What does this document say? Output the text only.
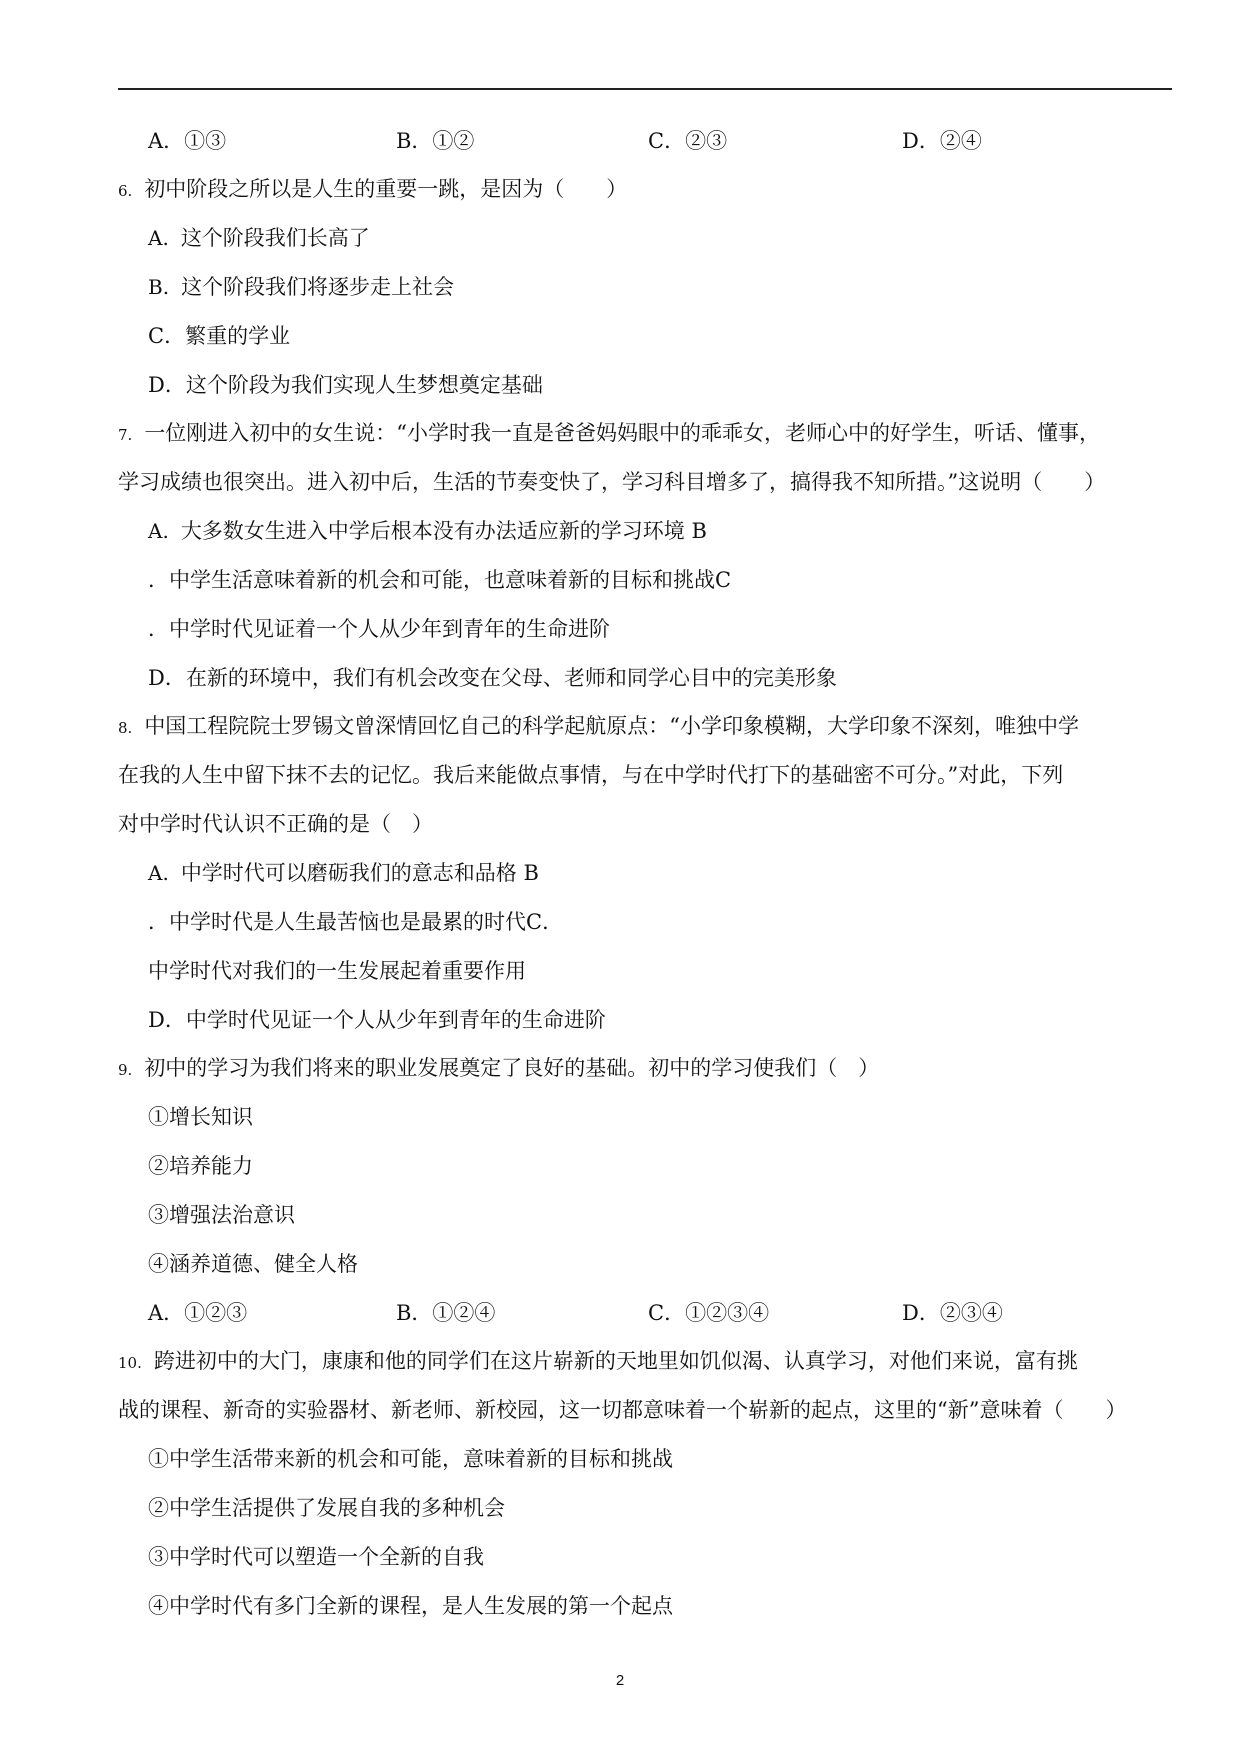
A．①③	B．①②	C．②③	D．②④
6. 初中阶段之所以是人生的重要一跳，是因为（　　）
A. 这个阶段我们长高了
B. 这个阶段我们将逐步走上社会
C．繁重的学业
D．这个阶段为我们实现人生梦想奠定基础
7. 一位刚进入初中的女生说：“小学时我一直是爸爸妈妈眼中的乖乖女，老师心中的好学生，听话、懂事，
学习成绩也很突出。进入初中后，生活的节奏变快了，学习科目增多了，搞得我不知所措。”这说明（　　）
A. 大多数女生进入中学后根本没有办法适应新的学习环境 B
．中学生活意味着新的机会和可能，也意味着新的目标和挑战C
．中学时代见证着一个人从少年到青年的生命进阶
D．在新的环境中，我们有机会改变在父母、老师和同学心目中的完美形象
8. 中国工程院院士罗锡文曾深情回忆自己的科学起航原点：“小学印象模糊，大学印象不深刻，唯独中学
在我的人生中留下抹不去的记忆。我后来能做点事情，与在中学时代打下的基础密不可分。”对此，下列
对中学时代认识不正确的是（　）
A. 中学时代可以磨砺我们的意志和品格 B
．中学时代是人生最苦恼也是最累的时代C．
中学时代对我们的一生发展起着重要作用
D．中学时代见证一个人从少年到青年的生命进阶
9. 初中的学习为我们将来的职业发展奠定了良好的基础。初中的学习使我们（　）
①增长知识
②培养能力
③增强法治意识
④涵养道德、健全人格
A．①②③	B．①②④	C．①②③④	D．②③④
10. 跨进初中的大门，康康和他的同学们在这片崭新的天地里如饥似渴、认真学习，对他们来说，富有挑
战的课程、新奇的实验器材、新老师、新校园，这一切都意味着一个崭新的起点，这里的“新”意味着（　　）
①中学生活带来新的机会和可能，意味着新的目标和挑战
②中学生活提供了发展自我的多种机会
③中学时代可以塑造一个全新的自我
④中学时代有多门全新的课程，是人生发展的第一个起点
2
